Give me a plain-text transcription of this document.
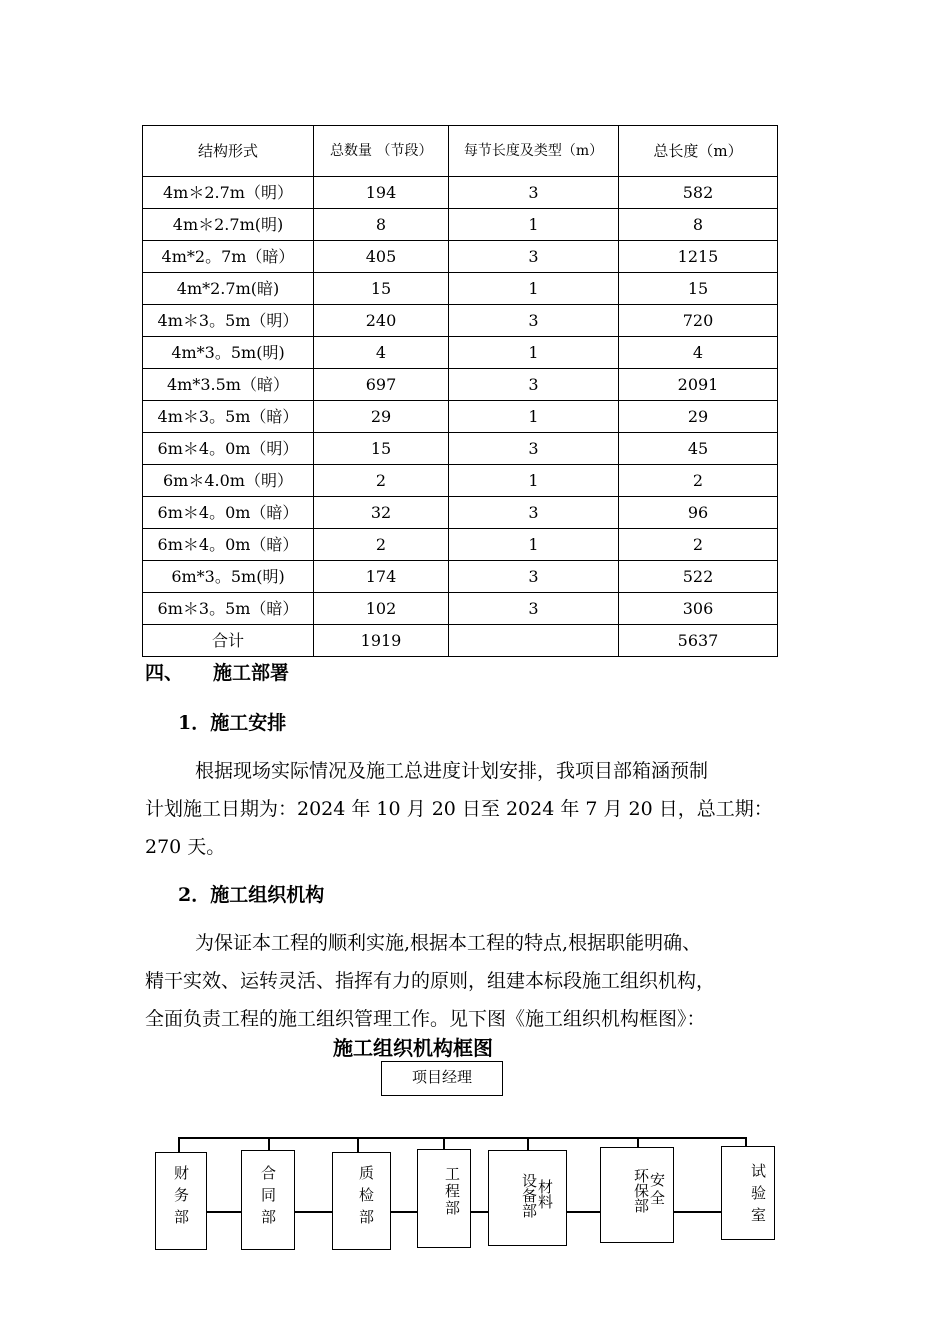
结构形式	总数量 （节段）	每节长度及类型（m）	总长度（m）
4m＊2.7m（明）	194	3	582
4m＊2.7m(明)	8	1	8
4m*2。7m（暗）	405	3	1215
4m*2.7m(暗)	15	1	15
4m＊3。5m（明）	240	3	720
4m*3。5m(明)	4	1	4
4m*3.5m（暗）	697	3	2091
4m＊3。5m（暗）	29	1	29
6m＊4。0m（明）	15	3	45
6m＊4.0m（明）	2	1	2
6m＊4。0m（暗）	32	3	96
6m＊4。0m（暗）	2	1	2
6m*3。5m(明)	174	3	522
6m＊3。5m（暗）	102	3	306
合计	1919		5637
四、 施工部署
1．施工安排
根据现场实际情况及施工总进度计划安排，我项目部箱涵预制
计划施工日期为：2024 年 10 月 20 日至 2024 年 7 月 20 日，总工期：
270 天。
2．施工组织机构
为保证本工程的顺利实施,根据本工程的特点,根据职能明确、
精干实效、运转灵活、指挥有力的原则，组建本标段施工组织机构，
全面负责工程的施工组织管理工作。见下图《施工组织机构框图》：
施工组织机构框图
项目经理
财务部	合同部	质检部	工程部	设备部
材料	环保部
安全	试验室
